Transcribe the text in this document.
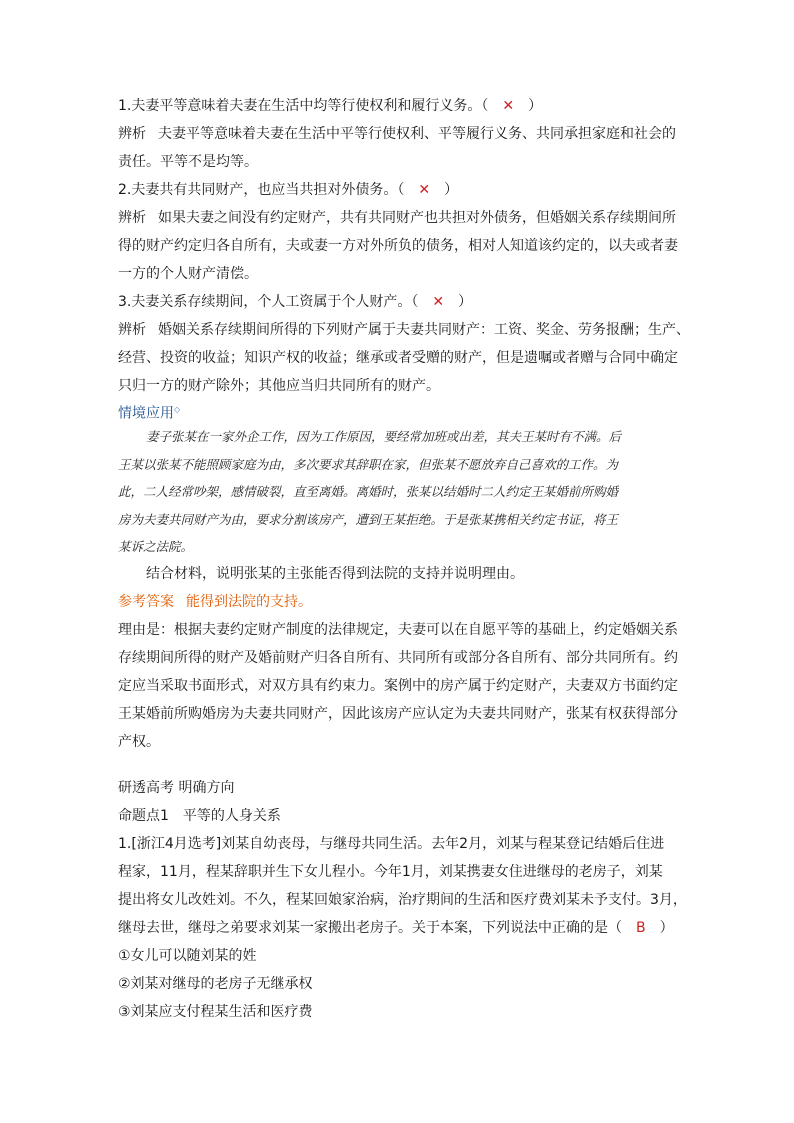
1.夫妻平等意味着夫妻在生活中均等行使权利和履行义务。（ ✕ ）
辨析 夫妻平等意味着夫妻在生活中平等行使权利、平等履行义务、共同承担家庭和社会的
责任。平等不是均等。
2.夫妻共有共同财产，也应当共担对外债务。（ ✕ ）
辨析 如果夫妻之间没有约定财产，共有共同财产也共担对外债务，但婚姻关系存续期间所
得的财产约定归各自所有，夫或妻一方对外所负的债务，相对人知道该约定的，以夫或者妻
一方的个人财产清偿。
3.夫妻关系存续期间，个人工资属于个人财产。（ ✕ ）
辨析 婚姻关系存续期间所得的下列财产属于夫妻共同财产：工资、奖金、劳务报酬；生产、
经营、投资的收益；知识产权的收益；继承或者受赠的财产，但是遗嘱或者赠与合同中确定
只归一方的财产除外；其他应当归共同所有的财产。
情境应用◇
妻子张某在一家外企工作，因为工作原因，要经常加班或出差，其夫王某时有不满。后
王某以张某不能照顾家庭为由，多次要求其辞职在家，但张某不愿放弃自己喜欢的工作。为
此，二人经常吵架，感情破裂，直至离婚。离婚时，张某以结婚时二人约定王某婚前所购婚
房为夫妻共同财产为由，要求分割该房产，遭到王某拒绝。于是张某携相关约定书证，将王
某诉之法院。
结合材料，说明张某的主张能否得到法院的支持并说明理由。
参考答案 能得到法院的支持。
理由是：根据夫妻约定财产制度的法律规定，夫妻可以在自愿平等的基础上，约定婚姻关系
存续期间所得的财产及婚前财产归各自所有、共同所有或部分各自所有、部分共同所有。约
定应当采取书面形式，对双方具有约束力。案例中的房产属于约定财产，夫妻双方书面约定
王某婚前所购婚房为夫妻共同财产，因此该房产应认定为夫妻共同财产，张某有权获得部分
产权。
研透高考 明确方向
命题点1　平等的人身关系
1.[浙江4月选考]刘某自幼丧母，与继母共同生活。去年2月，刘某与程某登记结婚后住进
程家，11月，程某辞职并生下女儿程小。今年1月，刘某携妻女住进继母的老房子，刘某
提出将女儿改姓刘。不久，程某回娘家治病，治疗期间的生活和医疗费刘某未予支付。3月，
继母去世，继母之弟要求刘某一家搬出老房子。关于本案，下列说法中正确的是（ B ）
①女儿可以随刘某的姓
②刘某对继母的老房子无继承权
③刘某应支付程某生活和医疗费
